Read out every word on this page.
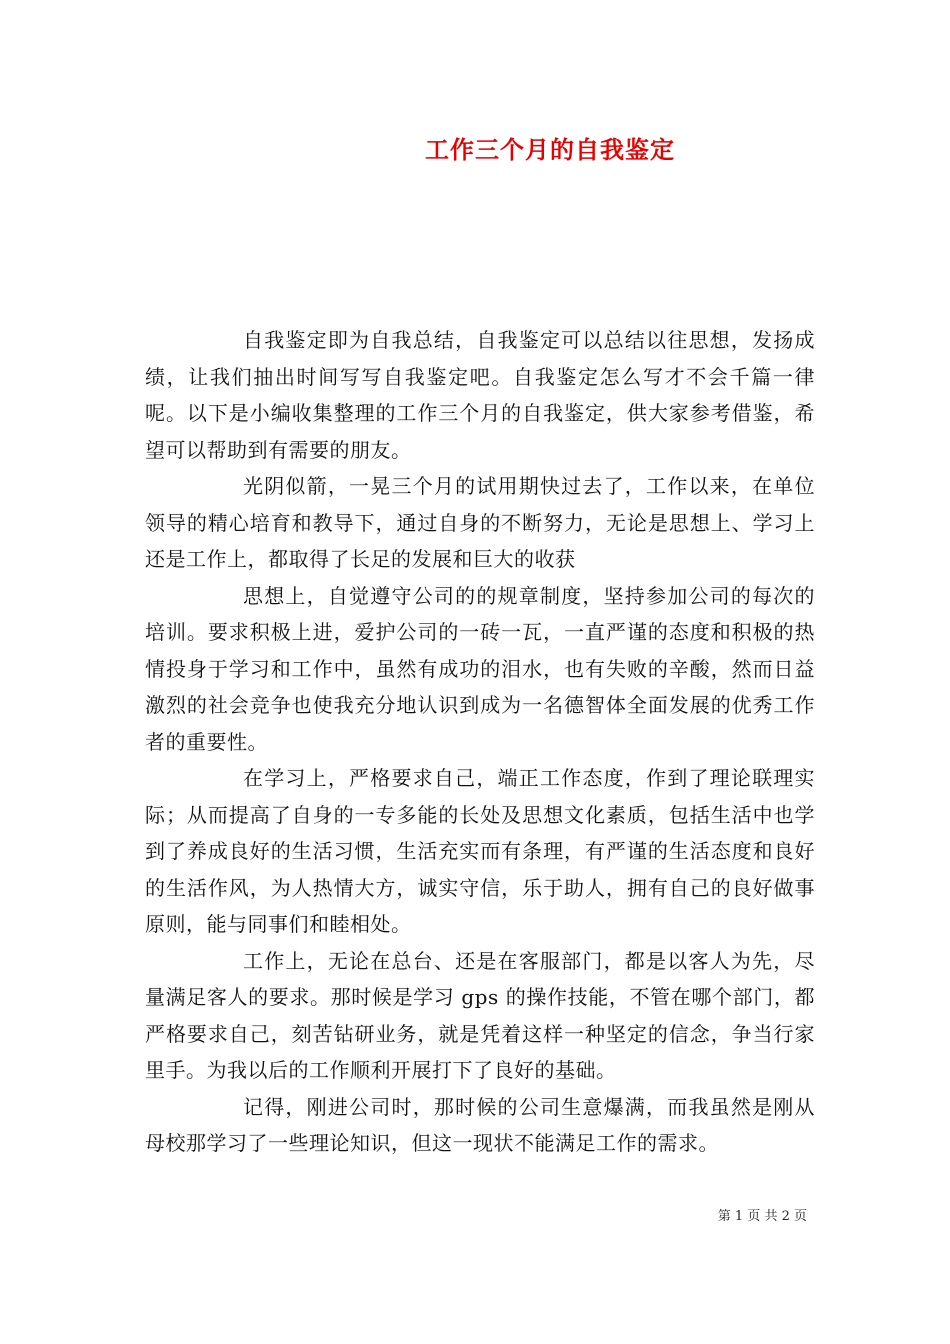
工作三个月的自我鉴定

自我鉴定即为自我总结，自我鉴定可以总结以往思想，发扬成绩，让我们抽出时间写写自我鉴定吧。自我鉴定怎么写才不会千篇一律呢。以下是小编收集整理的工作三个月的自我鉴定，供大家参考借鉴，希望可以帮助到有需要的朋友。

光阴似箭，一晃三个月的试用期快过去了，工作以来，在单位领导的精心培育和教导下，通过自身的不断努力，无论是思想上、学习上还是工作上，都取得了长足的发展和巨大的收获

思想上，自觉遵守公司的的规章制度，坚持参加公司的每次的培训。要求积极上进，爱护公司的一砖一瓦，一直严谨的态度和积极的热情投身于学习和工作中，虽然有成功的泪水，也有失败的辛酸，然而日益激烈的社会竞争也使我充分地认识到成为一名德智体全面发展的优秀工作者的重要性。

在学习上，严格要求自己，端正工作态度，作到了理论联理实际；从而提高了自身的一专多能的长处及思想文化素质，包括生活中也学到了养成良好的生活习惯，生活充实而有条理，有严谨的生活态度和良好的生活作风，为人热情大方，诚实守信，乐于助人，拥有自己的良好做事原则，能与同事们和睦相处。

工作上，无论在总台、还是在客服部门，都是以客人为先，尽量满足客人的要求。那时候是学习 gps 的操作技能，不管在哪个部门，都严格要求自己，刻苦钻研业务，就是凭着这样一种坚定的信念，争当行家里手。为我以后的工作顺利开展打下了良好的基础。

记得，刚进公司时，那时候的公司生意爆满，而我虽然是刚从母校那学习了一些理论知识，但这一现状不能满足工作的需求。

第 1 页 共 2 页
